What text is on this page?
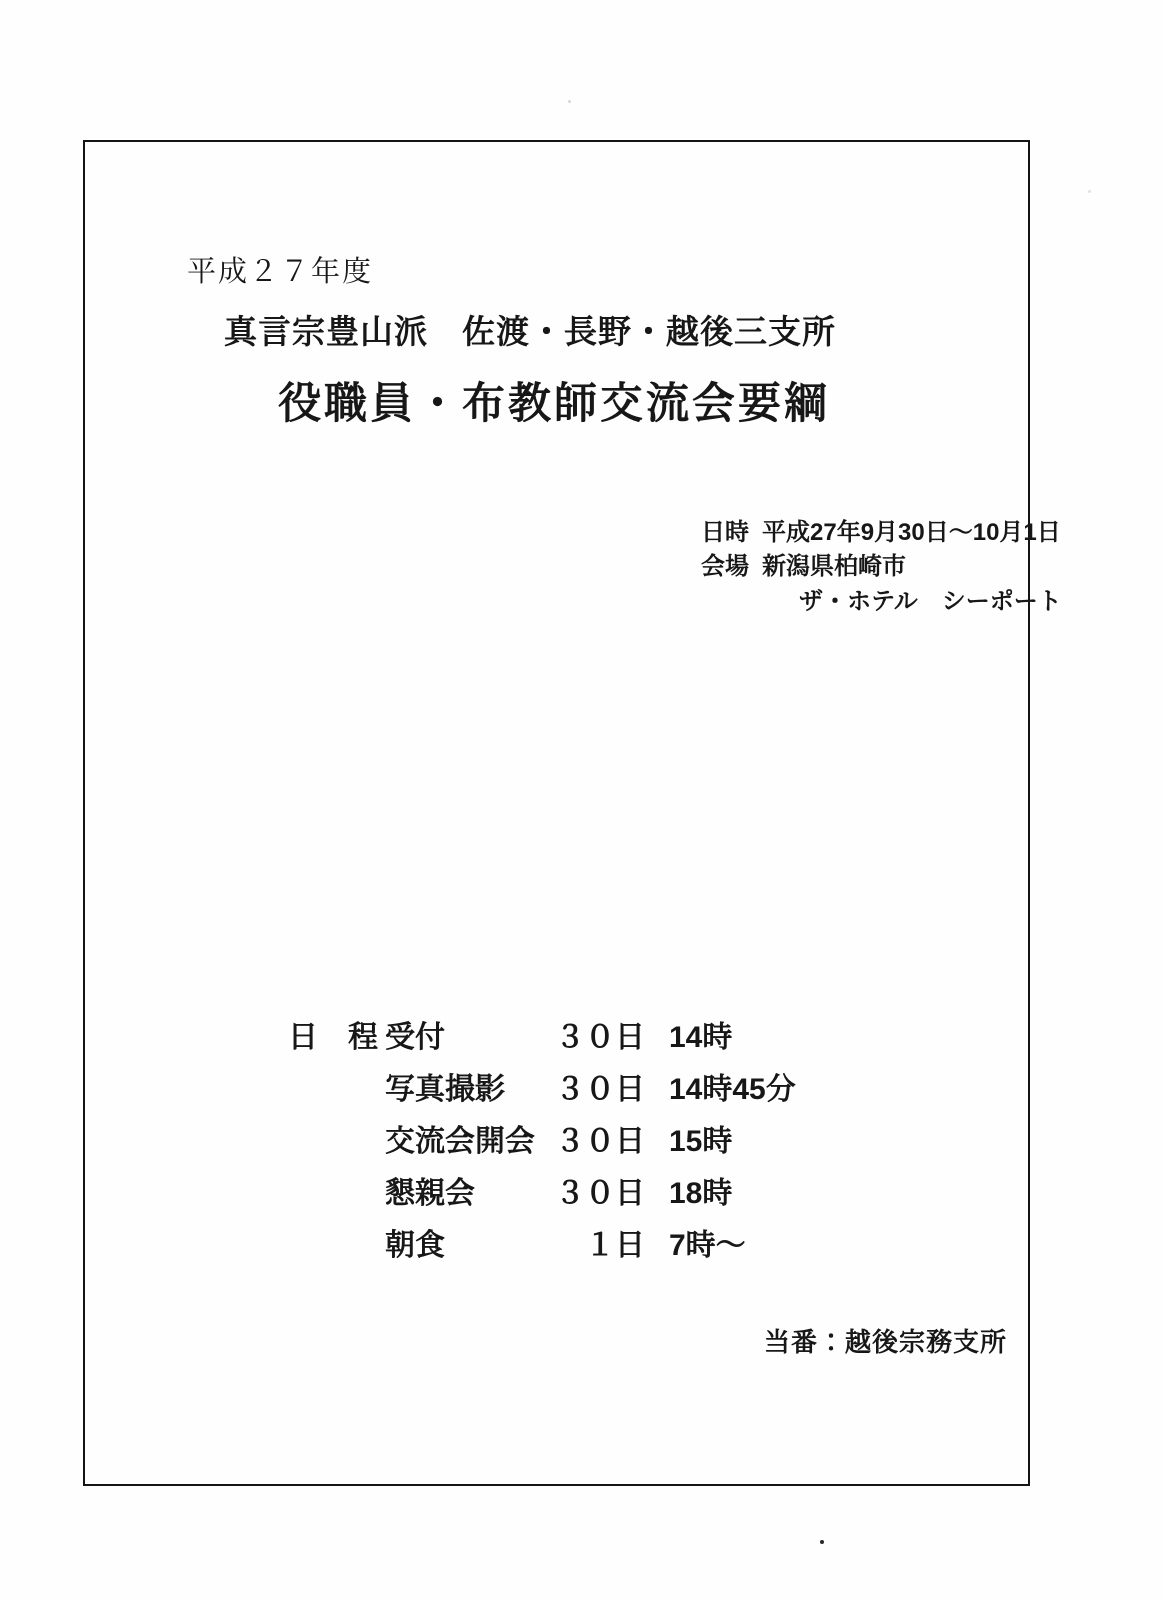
平成２７年度
真言宗豊山派　佐渡・長野・越後三支所
役職員・布教師交流会要綱
日時 平成27年9月30日～10月1日
会場 新潟県柏崎市
ザ・ホテル　シーポート
日　程 受付	３０日 14時
写真撮影	３０日 14時45分
交流会開会 ３０日 15時
懇親会	３０日 18時
朝食	１日 7時～
当番：越後宗務支所
